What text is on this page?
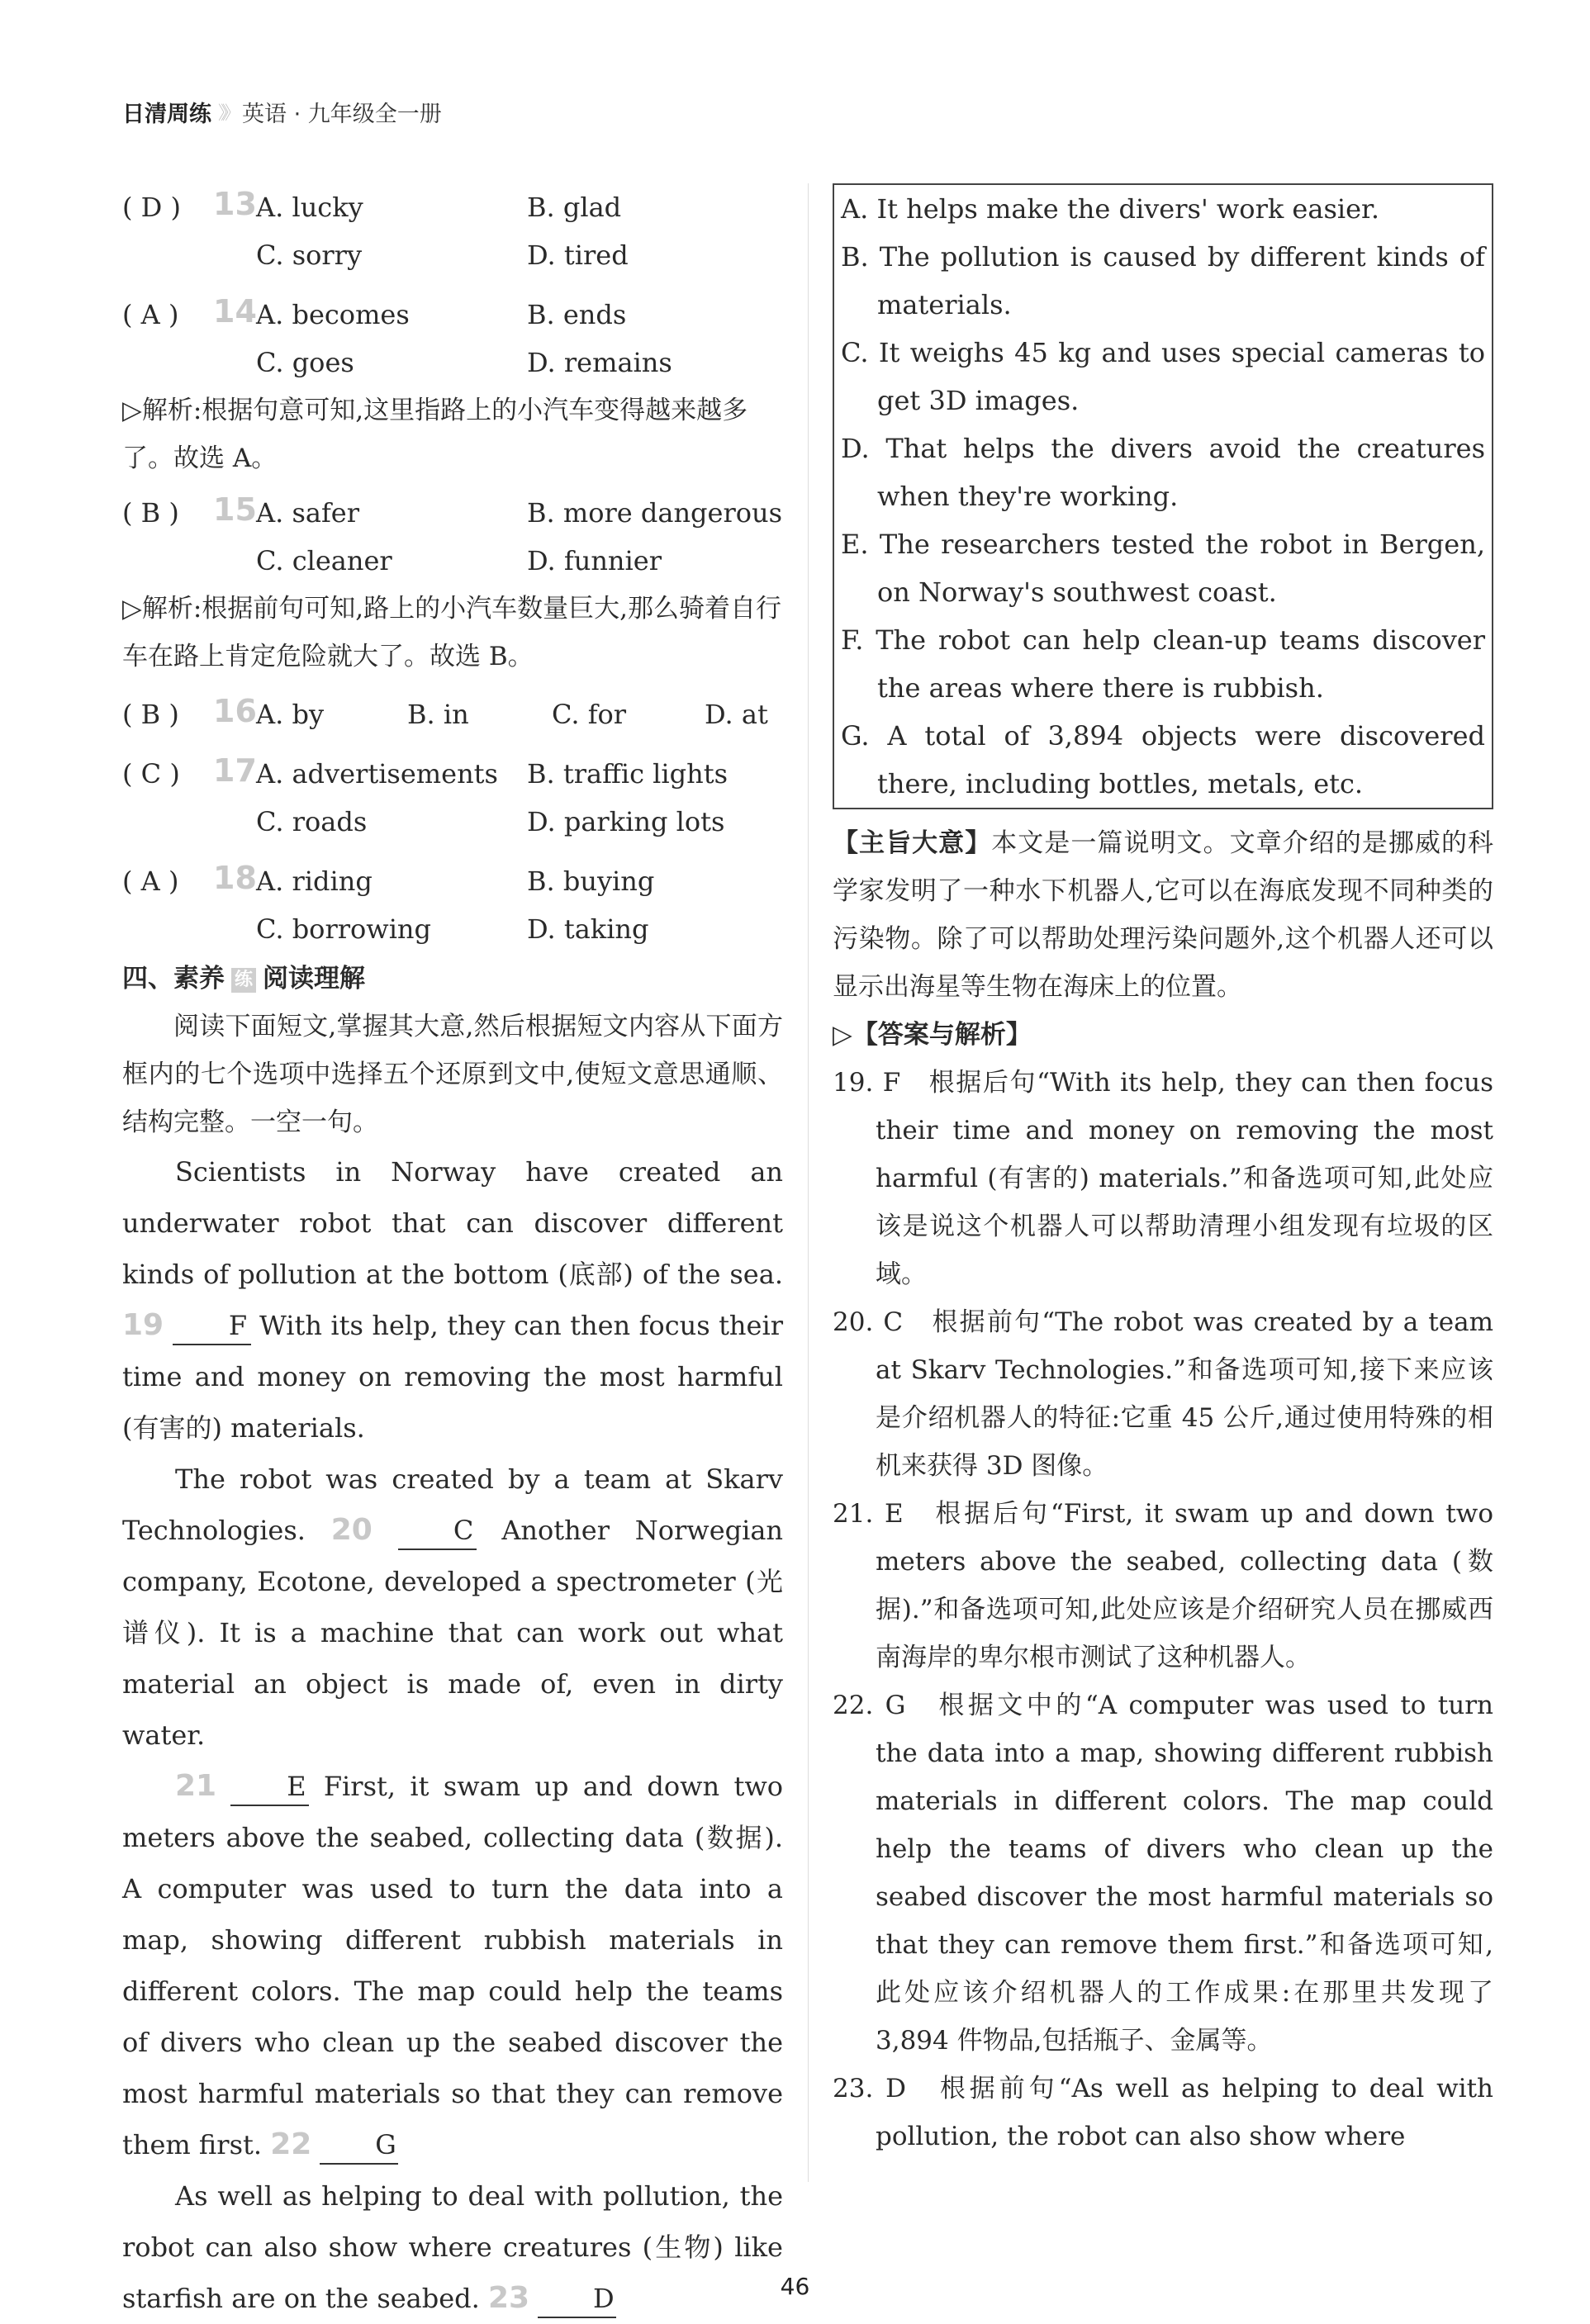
日清周练 》》 英语 · 九年级全一册
( D ) 13 A. lucky	B. glad
C. sorry	D. tired
( A ) 14 A. becomes	B. ends
C. goes	D. remains

▷解析:根据句意可知,这里指路上的小汽车变得越来越多了。故选 A。

( B ) 15 A. safer	B. more dangerous
C. cleaner	D. funnier

▷解析:根据前句可知,路上的小汽车数量巨大,那么骑着自行车在路上肯定危险就大了。故选 B。

( B ) 16 A. by	B. in	C. for	D. at
( C ) 17 A. advertisements B. traffic lights
C. roads	D. parking lots
( A ) 18 A. riding	B. buying
C. borrowing	D. taking
四、素养 练 阅读理解

阅读下面短文,掌握其大意,然后根据短文内容从下面方框内的七个选项中选择五个还原到文中,使短文意思通顺、结构完整。一空一句。

Scientists in Norway have created an underwater robot that can discover different kinds of pollution at the bottom (底部) of the sea. 19 F With its help, they can then focus their time and money on removing the most harmful (有害的) materials.

The robot was created by a team at Skarv Technologies. 20	C Another Norwegian company, Ecotone, developed a spectrometer (光谱仪). It is a machine that can work out what material an object is made of, even in dirty water.

21	E First, it swam up and down two meters above the seabed, collecting data (数据). A computer was used to turn the data into a map, showing different rubbish materials in different colors. The map could help the teams of divers who clean up the seabed discover the most harmful materials so that they can remove them first. 22 G

As well as helping to deal with pollution, the robot can also show where creatures (生物) like starfish are on the seabed. 23 D

A. It helps make the divers' work easier.

B. The pollution is caused by different kinds of materials.

C. It weighs 45 kg and uses special cameras to get 3D images.

D. That helps the divers avoid the creatures when they're working.

E. The researchers tested the robot in Bergen, on Norway's southwest coast.

F. The robot can help clean-up teams discover the areas where there is rubbish.

G. A total of 3,894 objects were discovered there, including bottles, metals, etc.

【主旨大意】本文是一篇说明文。文章介绍的是挪威的科学家发明了一种水下机器人,它可以在海底发现不同种类的污染物。除了可以帮助处理污染问题外,这个机器人还可以显示出海星等生物在海床上的位置。

▷【答案与解析】

19. F　根据后句“With its help, they can then focus their time and money on removing the most harmful (有害的) materials.”和备选项可知,此处应该是说这个机器人可以帮助清理小组发现有垃圾的区域。

20. C　根据前句“The robot was created by a team at Skarv Technologies.”和备选项可知,接下来应该是介绍机器人的特征:它重 45 公斤,通过使用特殊的相机来获得 3D 图像。

21. E　根据后句“First, it swam up and down two meters above the seabed, collecting data (数据).”和备选项可知,此处应该是介绍研究人员在挪威西南海岸的卑尔根市测试了这种机器人。

22. G　根据文中的“A computer was used to turn the data into a map, showing different rubbish materials in different colors. The map could help the teams of divers who clean up the seabed discover the most harmful materials so that they can remove them first.”和备选项可知,此处应该介绍机器人的工作成果:在那里共发现了 3,894 件物品,包括瓶子、金属等。

23. D　根据前句“As well as helping to deal with pollution, the robot can also show where

46
